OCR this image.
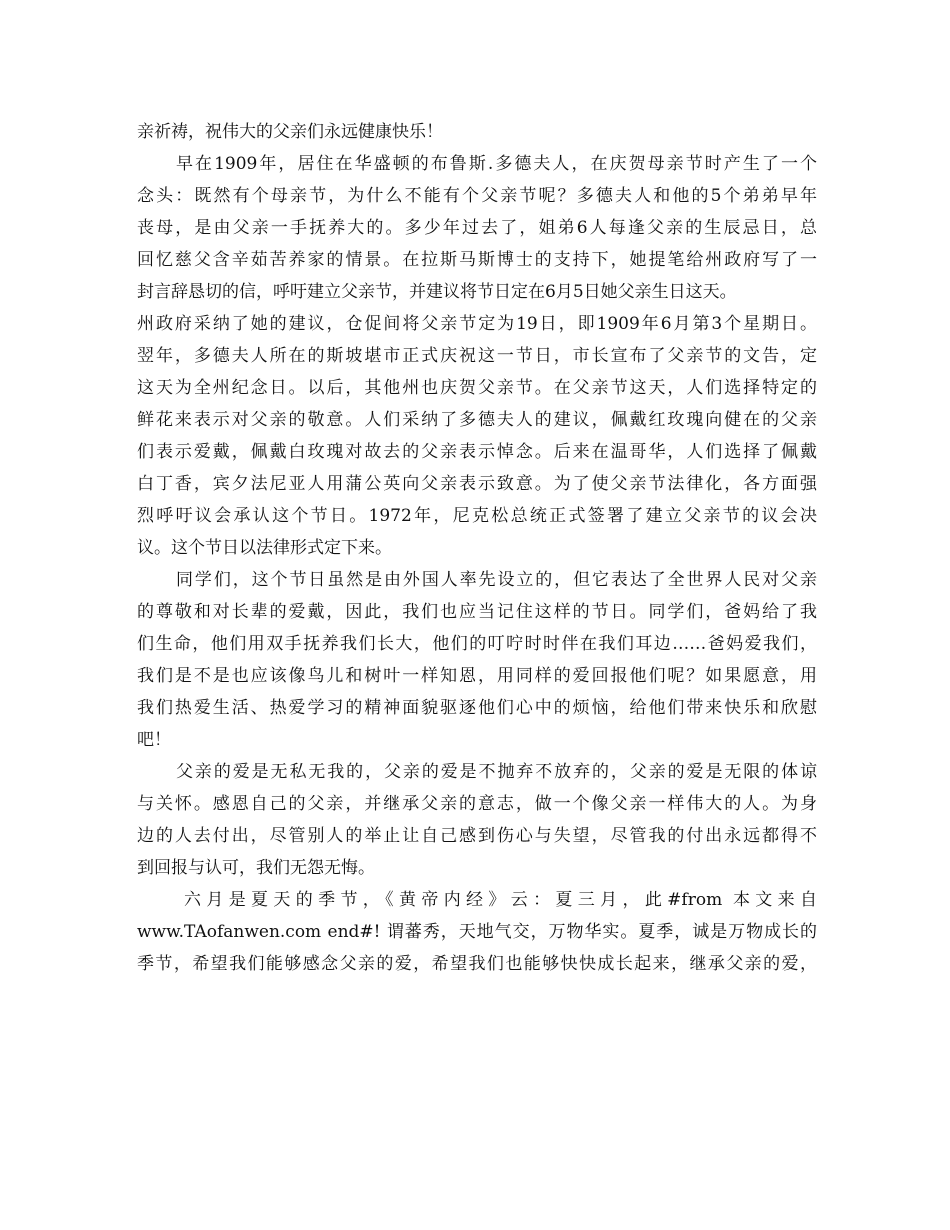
亲祈祷，祝伟大的父亲们永远健康快乐！
早在1909年，居住在华盛顿的布鲁斯.多德夫人，在庆贺母亲节时产生了一个
念头：既然有个母亲节，为什么不能有个父亲节呢？多德夫人和他的5个弟弟早年
丧母，是由父亲一手抚养大的。多少年过去了，姐弟6人每逢父亲的生辰忌日，总
回忆慈父含辛茹苦养家的情景。在拉斯马斯博士的支持下，她提笔给州政府写了一
封言辞恳切的信，呼吁建立父亲节，并建议将节日定在6月5日她父亲生日这天。
州政府采纳了她的建议，仓促间将父亲节定为19日，即1909年6月第3个星期日。
翌年，多德夫人所在的斯坡堪市正式庆祝这一节日，市长宣布了父亲节的文告，定
这天为全州纪念日。以后，其他州也庆贺父亲节。在父亲节这天，人们选择特定的
鲜花来表示对父亲的敬意。人们采纳了多德夫人的建议，佩戴红玫瑰向健在的父亲
们表示爱戴，佩戴白玫瑰对故去的父亲表示悼念。后来在温哥华，人们选择了佩戴
白丁香，宾夕法尼亚人用蒲公英向父亲表示致意。为了使父亲节法律化，各方面强
烈呼吁议会承认这个节日。1972年，尼克松总统正式签署了建立父亲节的议会决
议。这个节日以法律形式定下来。
同学们，这个节日虽然是由外国人率先设立的，但它表达了全世界人民对父亲
的尊敬和对长辈的爱戴，因此，我们也应当记住这样的节日。同学们，爸妈给了我
们生命，他们用双手抚养我们长大，他们的叮咛时时伴在我们耳边……爸妈爱我们，
我们是不是也应该像鸟儿和树叶一样知恩，用同样的爱回报他们呢？如果愿意，用
我们热爱生活、热爱学习的精神面貌驱逐他们心中的烦恼，给他们带来快乐和欣慰
吧！
父亲的爱是无私无我的，父亲的爱是不抛弃不放弃的，父亲的爱是无限的体谅
与关怀。感恩自己的父亲，并继承父亲的意志，做一个像父亲一样伟大的人。为身
边的人去付出，尽管别人的举止让自己感到伤心与失望，尽管我的付出永远都得不
到回报与认可，我们无怨无悔。
六月是夏天的季节，《黄帝内经》云：夏三月，此#from 本文来自
www.TAofanwen.com end#! 谓蕃秀，天地气交，万物华实。夏季，诚是万物成长的
季节，希望我们能够感念父亲的爱，希望我们也能够快快成长起来，继承父亲的爱，
